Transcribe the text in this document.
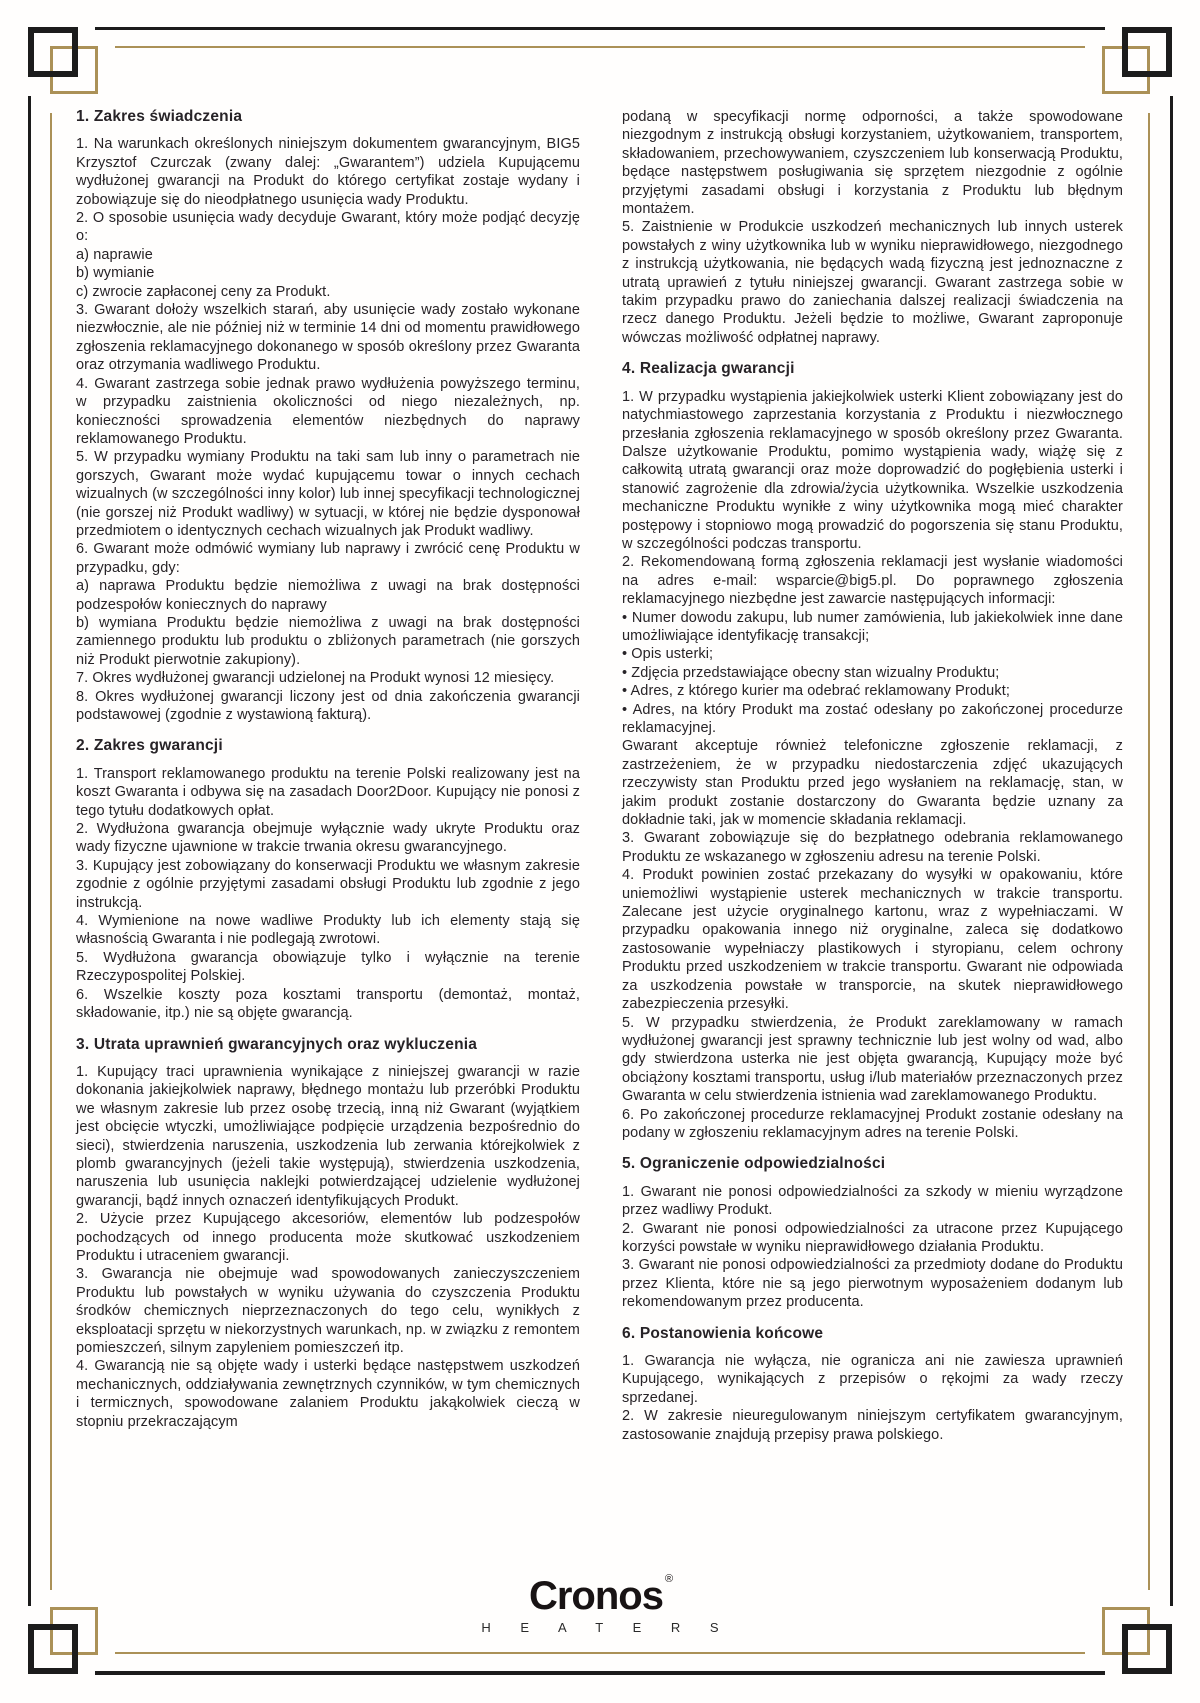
1. Zakres świadczenia

1. Na warunkach określonych niniejszym dokumentem gwarancyjnym, BIG5 Krzysztof Czurczak (zwany dalej: „Gwarantem”) udziela Kupującemu wydłużonej gwarancji na Produkt do którego certyfikat zostaje wydany i zobowiązuje się do nieodpłatnego usunięcia wady Produktu.

2. O sposobie usunięcia wady decyduje Gwarant, który może podjąć decyzję o:

a) naprawie

b) wymianie

c) zwrocie zapłaconej ceny za Produkt.

3. Gwarant dołoży wszelkich starań, aby usunięcie wady zostało wykonane niezwłocznie, ale nie później niż w terminie 14 dni od momentu prawidłowego zgłoszenia reklamacyjnego dokonanego w sposób określony przez Gwaranta oraz otrzymania wadliwego Produktu.

4. Gwarant zastrzega sobie jednak prawo wydłużenia powyższego terminu, w przypadku zaistnienia okoliczności od niego niezależnych, np. konieczności sprowadzenia elementów niezbędnych do naprawy reklamowanego Produktu.

5. W przypadku wymiany Produktu na taki sam lub inny o parametrach nie gorszych, Gwarant może wydać kupującemu towar o innych cechach wizualnych (w szczególności inny kolor) lub innej specyfikacji technologicznej (nie gorszej niż Produkt wadliwy) w sytuacji, w której nie będzie dysponował przedmiotem o identycznych cechach wizualnych jak Produkt wadliwy.

6. Gwarant może odmówić wymiany lub naprawy i zwrócić cenę Produktu w przypadku, gdy:

a) naprawa Produktu będzie niemożliwa z uwagi na brak dostępności podzespołów koniecznych do naprawy

b) wymiana Produktu będzie niemożliwa z uwagi na brak dostępności zamiennego produktu lub produktu o zbliżonych parametrach (nie gorszych niż Produkt pierwotnie zakupiony).

7. Okres wydłużonej gwarancji udzielonej na Produkt wynosi 12 miesięcy.

8. Okres wydłużonej gwarancji liczony jest od dnia zakończenia gwarancji podstawowej (zgodnie z wystawioną fakturą).

2. Zakres gwarancji

1. Transport reklamowanego produktu na terenie Polski realizowany jest na koszt Gwaranta i odbywa się na zasadach Door2Door. Kupujący nie ponosi z tego tytułu dodatkowych opłat.

2. Wydłużona gwarancja obejmuje wyłącznie wady ukryte Produktu oraz wady fizyczne ujawnione w trakcie trwania okresu gwarancyjnego.

3. Kupujący jest zobowiązany do konserwacji Produktu we własnym zakresie zgodnie z ogólnie przyjętymi zasadami obsługi Produktu lub zgodnie z jego instrukcją.

4. Wymienione na nowe wadliwe Produkty lub ich elementy stają się własnością Gwaranta i nie podlegają zwrotowi.

5. Wydłużona gwarancja obowiązuje tylko i wyłącznie na terenie Rzeczypospolitej Polskiej.

6. Wszelkie koszty poza kosztami transportu (demontaż, montaż, składowanie, itp.) nie są objęte gwarancją.

3. Utrata uprawnień gwarancyjnych oraz wykluczenia

1. Kupujący traci uprawnienia wynikające z niniejszej gwarancji w razie dokonania jakiejkolwiek naprawy, błędnego montażu lub przeróbki Produktu we własnym zakresie lub przez osobę trzecią, inną niż Gwarant (wyjątkiem jest obcięcie wtyczki, umożliwiające podpięcie urządzenia bezpośrednio do sieci), stwierdzenia naruszenia, uszkodzenia lub zerwania którejkolwiek z plomb gwarancyjnych (jeżeli takie występują), stwierdzenia uszkodzenia, naruszenia lub usunięcia naklejki potwierdzającej udzielenie wydłużonej gwarancji, bądź innych oznaczeń identyfikujących Produkt.

2. Użycie przez Kupującego akcesoriów, elementów lub podzespołów pochodzących od innego producenta może skutkować uszkodzeniem Produktu i utraceniem gwarancji.

3. Gwarancja nie obejmuje wad spowodowanych zanieczyszczeniem Produktu lub powstałych w wyniku używania do czyszczenia Produktu środków chemicznych nieprzeznaczonych do tego celu, wynikłych z eksploatacji sprzętu w niekorzystnych warunkach, np. w związku z remontem pomieszczeń, silnym zapyleniem pomieszczeń itp.

4. Gwarancją nie są objęte wady i usterki będące następstwem uszkodzeń mechanicznych, oddziaływania zewnętrznych czynników, w tym chemicznych i termicznych, spowodowane zalaniem Produktu jakąkolwiek cieczą w stopniu przekraczającym

podaną w specyfikacji normę odporności, a także spowodowane niezgodnym z instrukcją obsługi korzystaniem, użytkowaniem, transportem, składowaniem, przechowywaniem, czyszczeniem lub konserwacją Produktu, będące następstwem posługiwania się sprzętem niezgodnie z ogólnie przyjętymi zasadami obsługi i korzystania z Produktu lub błędnym montażem.

5. Zaistnienie w Produkcie uszkodzeń mechanicznych lub innych usterek powstałych z winy użytkownika lub w wyniku nieprawidłowego, niezgodnego z instrukcją użytkowania, nie będących wadą fizyczną jest jednoznaczne z utratą uprawień z tytułu niniejszej gwarancji. Gwarant zastrzega sobie w takim przypadku prawo do zaniechania dalszej realizacji świadczenia na rzecz danego Produktu. Jeżeli będzie to możliwe, Gwarant zaproponuje wówczas możliwość odpłatnej naprawy.

4. Realizacja gwarancji

1. W przypadku wystąpienia jakiejkolwiek usterki Klient zobowiązany jest do natychmiastowego zaprzestania korzystania z Produktu i niezwłocznego przesłania zgłoszenia reklamacyjnego w sposób określony przez Gwaranta. Dalsze użytkowanie Produktu, pomimo wystąpienia wady, wiążę się z całkowitą utratą gwarancji oraz może doprowadzić do pogłębienia usterki i stanowić zagrożenie dla zdrowia/życia użytkownika. Wszelkie uszkodzenia mechaniczne Produktu wynikłe z winy użytkownika mogą mieć charakter postępowy i stopniowo mogą prowadzić do pogorszenia się stanu Produktu, w szczególności podczas transportu.

2. Rekomendowaną formą zgłoszenia reklamacji jest wysłanie wiadomości na adres e-mail: wsparcie@big5.pl. Do poprawnego zgłoszenia reklamacyjnego niezbędne jest zawarcie następujących informacji:

• Numer dowodu zakupu, lub numer zamówienia, lub jakiekolwiek inne dane umożliwiające identyfikację transakcji;

• Opis usterki;

• Zdjęcia przedstawiające obecny stan wizualny Produktu;

• Adres, z którego kurier ma odebrać reklamowany Produkt;

• Adres, na który Produkt ma zostać odesłany po zakończonej procedurze reklamacyjnej.

Gwarant akceptuje również telefoniczne zgłoszenie reklamacji, z zastrzeżeniem, że w przypadku niedostarczenia zdjęć ukazujących rzeczywisty stan Produktu przed jego wysłaniem na reklamację, stan, w jakim produkt zostanie dostarczony do Gwaranta będzie uznany za dokładnie taki, jak w momencie składania reklamacji.

3. Gwarant zobowiązuje się do bezpłatnego odebrania reklamowanego Produktu ze wskazanego w zgłoszeniu adresu na terenie Polski.

4. Produkt powinien zostać przekazany do wysyłki w opakowaniu, które uniemożliwi wystąpienie usterek mechanicznych w trakcie transportu. Zalecane jest użycie oryginalnego kartonu, wraz z wypełniaczami. W przypadku opakowania innego niż oryginalne, zaleca się dodatkowo zastosowanie wypełniaczy plastikowych i styropianu, celem ochrony Produktu przed uszkodzeniem w trakcie transportu. Gwarant nie odpowiada za uszkodzenia powstałe w transporcie, na skutek nieprawidłowego zabezpieczenia przesyłki.

5. W przypadku stwierdzenia, że Produkt zareklamowany w ramach wydłużonej gwarancji jest sprawny technicznie lub jest wolny od wad, albo gdy stwierdzona usterka nie jest objęta gwarancją, Kupujący może być obciążony kosztami transportu, usług i/lub materiałów przeznaczonych przez Gwaranta w celu stwierdzenia istnienia wad zareklamowanego Produktu.

6. Po zakończonej procedurze reklamacyjnej Produkt zostanie odesłany na podany w zgłoszeniu reklamacyjnym adres na terenie Polski.

5. Ograniczenie odpowiedzialności

1. Gwarant nie ponosi odpowiedzialności za szkody w mieniu wyrządzone przez wadliwy Produkt.

2. Gwarant nie ponosi odpowiedzialności za utracone przez Kupującego korzyści powstałe w wyniku nieprawidłowego działania Produktu.

3. Gwarant nie ponosi odpowiedzialności za przedmioty dodane do Produktu przez Klienta, które nie są jego pierwotnym wyposażeniem dodanym lub rekomendowanym przez producenta.

6. Postanowienia końcowe

1. Gwarancja nie wyłącza, nie ogranicza ani nie zawiesza uprawnień Kupującego, wynikających z przepisów o rękojmi za wady rzeczy sprzedanej.

2. W zakresie nieuregulowanym niniejszym certyfikatem gwarancyjnym, zastosowanie znajdują przepisy prawa polskiego.

Cronos ®
H E A T E R S
